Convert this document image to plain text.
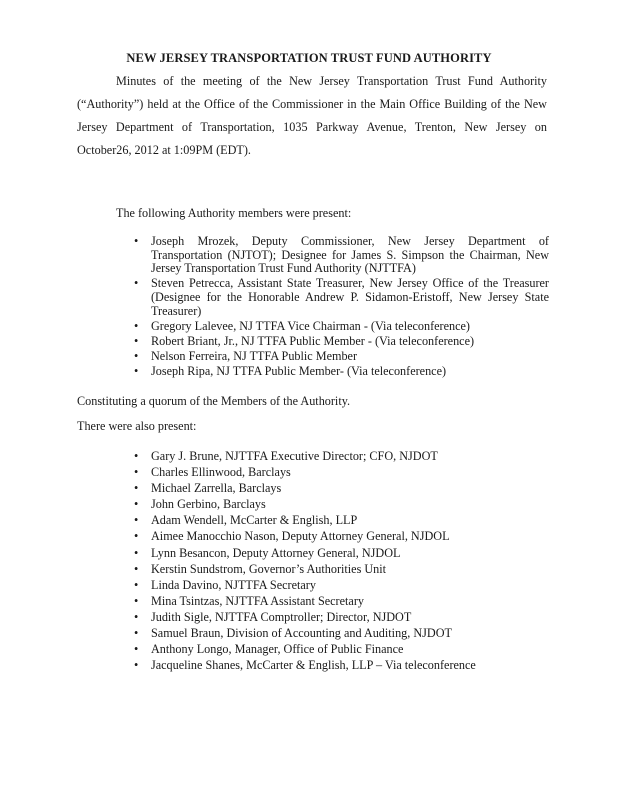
NEW JERSEY TRANSPORTATION TRUST FUND AUTHORITY
Minutes of the meeting of the New Jersey Transportation Trust Fund Authority (“Authority”) held at the Office of the Commissioner in the Main Office Building of the New Jersey Department of Transportation, 1035 Parkway Avenue, Trenton, New Jersey on October26, 2012 at 1:09PM (EDT).
The following Authority members were present:
• Joseph Mrozek, Deputy Commissioner, New Jersey Department of Transportation (NJTOT); Designee for James S. Simpson the Chairman, New Jersey Transportation Trust Fund Authority (NJTTFA)
• Steven Petrecca, Assistant State Treasurer, New Jersey Office of the Treasurer (Designee for the Honorable Andrew P. Sidamon-Eristoff, New Jersey State Treasurer)
• Gregory Lalevee, NJ TTFA Vice Chairman - (Via teleconference)
• Robert Briant, Jr., NJ TTFA Public Member - (Via teleconference)
• Nelson Ferreira, NJ TTFA Public Member
• Joseph Ripa, NJ TTFA Public Member- (Via teleconference)
Constituting a quorum of the Members of the Authority.
There were also present:
• Gary J. Brune, NJTTFA Executive Director; CFO, NJDOT
• Charles Ellinwood, Barclays
• Michael Zarrella, Barclays
• John Gerbino, Barclays
• Adam Wendell, McCarter & English, LLP
• Aimee Manocchio Nason, Deputy Attorney General, NJDOL
• Lynn Besancon, Deputy Attorney General, NJDOL
• Kerstin Sundstrom, Governor’s Authorities Unit
• Linda Davino, NJTTFA Secretary
• Mina Tsintzas, NJTTFA Assistant Secretary
• Judith Sigle, NJTTFA Comptroller; Director, NJDOT
• Samuel Braun, Division of Accounting and Auditing, NJDOT
• Anthony Longo, Manager, Office of Public Finance
• Jacqueline Shanes, McCarter & English, LLP – Via teleconference
